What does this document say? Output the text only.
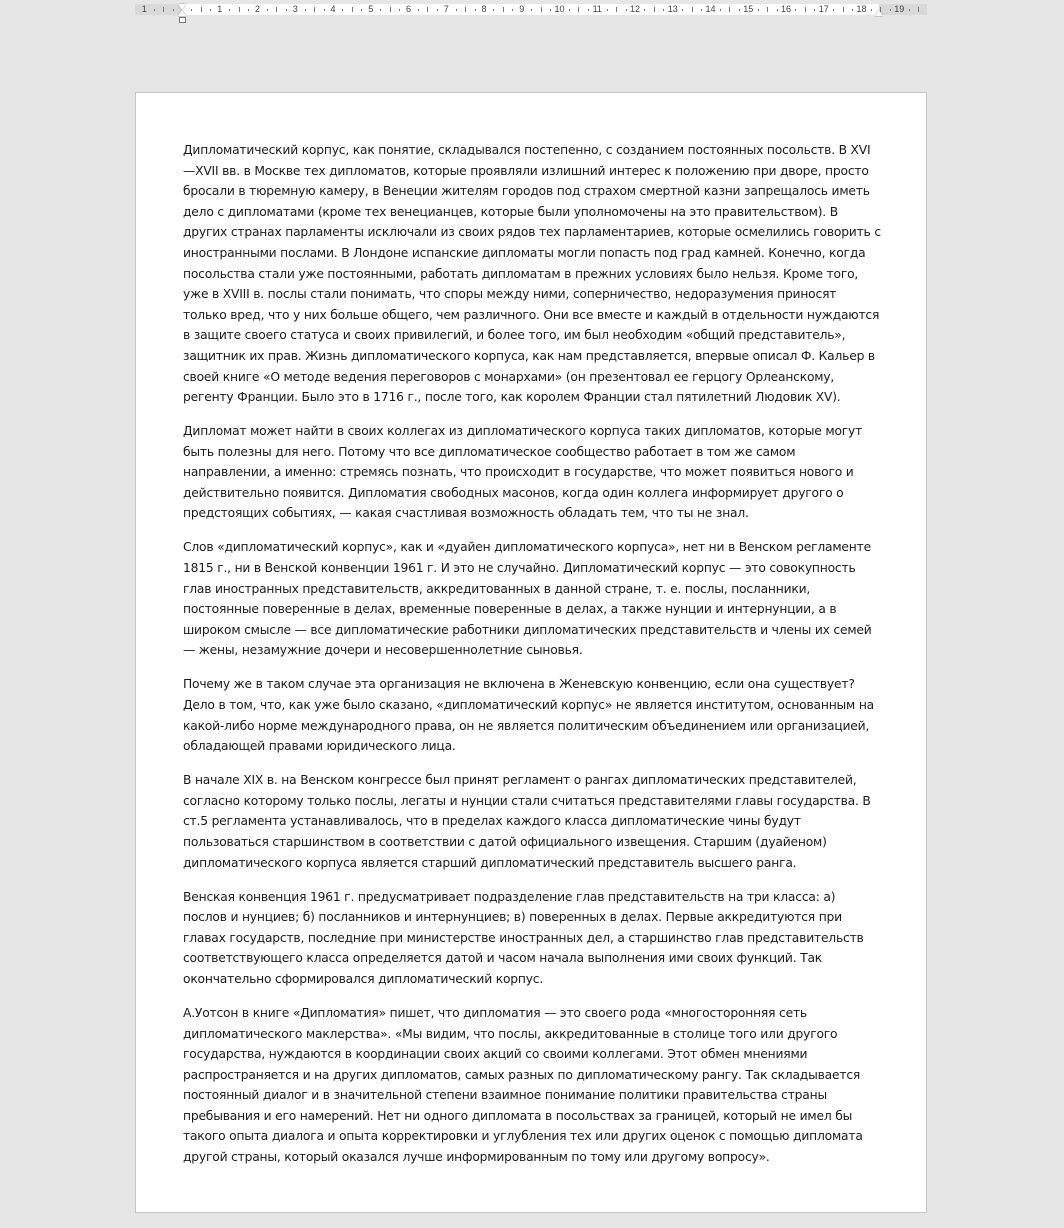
1	1	2	3	4	5	6	7	8	9	10	11	12	13	14	15	16	17	18	19

Дипломатический корпус, как понятие, складывался постепенно, с созданием постоянных посольств. В XVI—XVII вв. в Москве тех дипломатов, которые проявляли излишний интерес к положению при дворе, просто бросали в тюремную камеру, в Венеции жителям городов под страхом смертной казни запрещалось иметь дело с дипломатами (кроме тех венецианцев, которые были уполномочены на это правительством). В других странах парламенты исключали из своих рядов тех парламентариев, которые осмелились говорить с иностранными послами. В Лондоне испанские дипломаты могли попасть под град камней. Конечно, когда посольства стали уже постоянными, работать дипломатам в прежних условиях было нельзя. Кроме того, уже в XVIII в. послы стали понимать, что споры между ними, соперничество, недоразумения приносят только вред, что у них больше общего, чем различного. Они все вместе и каждый в отдельности нуждаются в защите своего статуса и своих привилегий, и более того, им был необходим «общий представитель», защитник их прав. Жизнь дипломатического корпуса, как нам представляется, впервые описал Ф. Кальер в своей книге «О методе ведения переговоров с монархами» (он презентовал ее герцогу Орлеанскому, регенту Франции. Было это в 1716 г., после того, как королем Франции стал пятилетний Людовик XV).

Дипломат может найти в своих коллегах из дипломатического корпуса таких дипломатов, которые могут быть полезны для него. Потому что все дипломатическое сообщество работает в том же самом направлении, а именно: стремясь познать, что происходит в государстве, что может появиться нового и действительно появится. Дипломатия свободных масонов, когда один коллега информирует другого о предстоящих событиях, — какая счастливая возможность обладать тем, что ты не знал.

Слов «дипломатический корпус», как и «дуайен дипломатического корпуса», нет ни в Венском регламенте 1815 г., ни в Венской конвенции 1961 г. И это не случайно. Дипломатический корпус — это совокупность глав иностранных представительств, аккредитованных в данной стране, т. е. послы, посланники, постоянные поверенные в делах, временные поверенные в делах, а также нунции и интернунции, а в широком смысле — все дипломатические работники дипломатических представительств и члены их семей — жены, незамужние дочери и несовершеннолетние сыновья.

Почему же в таком случае эта организация не включена в Женевскую конвенцию, если она существует? Дело в том, что, как уже было сказано, «дипломатический корпус» не является институтом, основанным на какой-либо норме международного права, он не является политическим объединением или организацией, обладающей правами юридического лица.

В начале XIX в. на Венском конгрессе был принят регламент о рангах дипломатических представителей, согласно которому только послы, легаты и нунции стали считаться представителями главы государства. В ст.5 регламента устанавливалось, что в пределах каждого класса дипломатические чины будут пользоваться старшинством в соответствии с датой официального извещения. Старшим (дуайеном) дипломатического корпуса является старший дипломатический представитель высшего ранга.

Венская конвенция 1961 г. предусматривает подразделение глав представительств на три класса: а) послов и нунциев; б) посланников и интернунциев; в) поверенных в делах. Первые аккредитуются при главах государств, последние при министерстве иностранных дел, а старшинство глав представительств соответствующего класса определяется датой и часом начала выполнения ими своих функций. Так окончательно сформировался дипломатический корпус.

А.Уотсон в книге «Дипломатия» пишет, что дипломатия — это своего рода «многосторонняя сеть дипломатического маклерства». «Мы видим, что послы, аккредитованные в столице того или другого государства, нуждаются в координации своих акций со своими коллегами. Этот обмен мнениями распространяется и на других дипломатов, самых разных по дипломатическому рангу. Так складывается постоянный диалог и в значительной степени взаимное понимание политики правительства страны пребывания и его намерений. Нет ни одного дипломата в посольствах за границей, который не имел бы такого опыта диалога и опыта корректировки и углубления тех или других оценок с помощью дипломата другой страны, который оказался лучше информированным по тому или другому вопросу».
